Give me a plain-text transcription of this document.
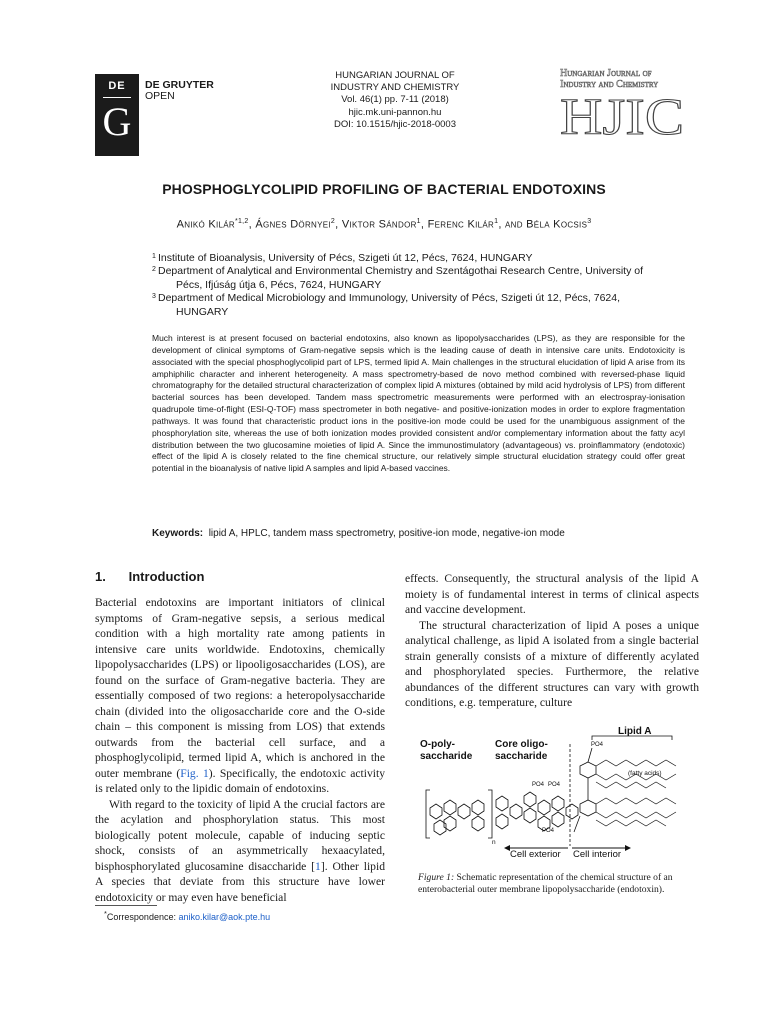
DE
G
DE GRUYTER
OPEN
HUNGARIAN JOURNAL OF
INDUSTRY AND CHEMISTRY
Vol. 46(1) pp. 7-11 (2018)
hjic.mk.uni-pannon.hu
DOI: 10.1515/hjic-2018-0003
Hungarian Journal of
Industry and Chemistry
HJIC
PHOSPHOGLYCOLIPID PROFILING OF BACTERIAL ENDOTOXINS
Anikó Kilár$^{*1,2}$, Ágnes Dörnyei$^2$, Viktor Sándor$^1$, Ferenc Kilár$^1$, and Béla Kocsis$^3$
1 Institute of Bioanalysis, University of Pécs, Szigeti út 12, Pécs, 7624, HUNGARY
2 Department of Analytical and Environmental Chemistry and Szentágothai Research Centre, University of
Pécs, Ifjúság útja 6, Pécs, 7624, HUNGARY
3 Department of Medical Microbiology and Immunology, University of Pécs, Szigeti út 12, Pécs, 7624,
HUNGARY
Much interest is at present focused on bacterial endotoxins, also known as lipopolysaccharides (LPS), as they are responsible for the development of clinical symptoms of Gram-negative sepsis which is the leading cause of death in intensive care units. Endotoxicity is associated with the special phosphoglycolipid part of LPS, termed lipid A. Main challenges in the structural elucidation of lipid A arise from its amphiphilic character and inherent heterogeneity. A mass spectrometry-based de novo method combined with reversed-phase liquid chromatography for the detailed structural characterization of complex lipid A mixtures (obtained by mild acid hydrolysis of LPS) from different bacterial sources has been developed. Tandem mass spectrometric measurements were performed with an electrospray-ionisation quadrupole time-of-flight (ESI-Q-TOF) mass spectrometer in both negative- and positive-ionization modes in order to explore fragmentation pathways. It was found that characteristic product ions in the positive-ion mode could be used for the unambiguous assignment of the phosphorylation site, whereas the use of both ionization modes provided consistent and/or complementary information about the fatty acyl distribution between the two glucosamine moieties of lipid A. Since the immunostimulatory (advantageous) vs. proinflammatory (endotoxic) effect of the lipid A is closely related to the fine chemical structure, our relatively simple structural elucidation strategy could offer great potential in the bioanalysis of native lipid A samples and lipid A-based vaccines.
Keywords: lipid A, HPLC, tandem mass spectrometry, positive-ion mode, negative-ion mode
1. Introduction

Bacterial endotoxins are important initiators of clinical symptoms of Gram-negative sepsis, a serious medical condition with a high mortality rate among patients in intensive care units worldwide. Endotoxins, chemically lipopolysaccharides (LPS) or lipooligosaccharides (LOS), are found on the surface of Gram-negative bacteria. They are essentially composed of two regions: a heteropolysaccharide chain (divided into the oligosaccharide core and the O-side chain – this component is missing from LOS) that extends outwards from the bacterial cell surface, and a phosphoglycolipid, termed lipid A, which is anchored in the outer membrane (Fig. 1). Specifically, the endotoxic activity is related only to the lipidic domain of endotoxins.

With regard to the toxicity of lipid A the crucial factors are the acylation and phosphorylation status. This most biologically potent molecule, capable of inducing septic shock, consists of an asymmetrically hexaacylated, bisphosphorylated glucosamine disaccharide [1]. Other lipid A species that deviate from this structure have lower endotoxicity or may even have beneficial

effects. Consequently, the structural analysis of the lipid A moiety is of fundamental interest in terms of clinical aspects and vaccine development.

The structural characterization of lipid A poses a unique analytical challenge, as lipid A isolated from a single bacterial strain generally consists of a mixture of differently acylated and phosphorylated species. Furthermore, the relative abundances of the different structures can vary with growth conditions, e.g. temperature, culture

O-poly-
saccharide
Core oligo-
saccharide
Lipid A
(fatty acids)
n
Cell exterior Cell interior
PO4 PO4
PO4
PO4
Figure 1: Schematic representation of the chemical structure of an enterobacterial outer membrane lipopolysaccharide (endotoxin).
*Correspondence: aniko.kilar@aok.pte.hu
